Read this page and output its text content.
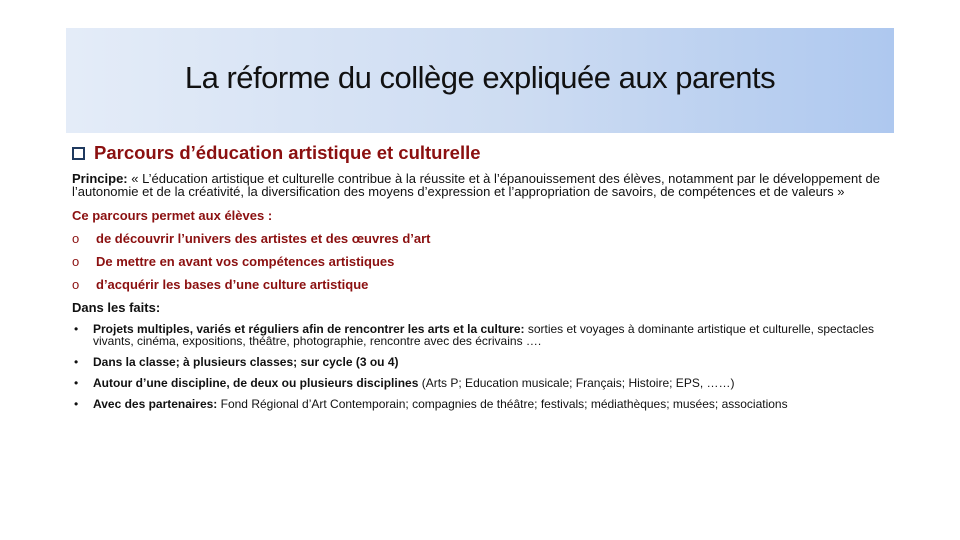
La réforme du collège expliquée aux parents
Parcours d’éducation artistique et culturelle
Principe: « L’éducation artistique et culturelle contribue à la réussite et à l’épanouissement des élèves, notamment par le développement de l’autonomie et de la créativité, la diversification des moyens d’expression et l’appropriation de savoirs, de compétences et de valeurs »
Ce parcours permet aux élèves :
o	de découvrir l’univers des artistes et des œuvres d’art
o	De mettre en avant vos compétences artistiques
o	d’acquérir les bases d’une culture artistique
Dans les faits:
•	Projets multiples, variés et réguliers afin de rencontrer les arts et la culture: sorties et voyages à dominante artistique et culturelle, spectacles vivants, cinéma, expositions, théâtre, photographie, rencontre avec des écrivains ….
•	Dans la classe; à plusieurs classes; sur cycle (3 ou 4)
•	Autour d’une discipline, de deux ou plusieurs disciplines (Arts P; Education musicale; Français; Histoire; EPS, ……)
•	Avec des partenaires: Fond Régional d’Art Contemporain; compagnies de théâtre; festivals; médiathèques; musées; associations
